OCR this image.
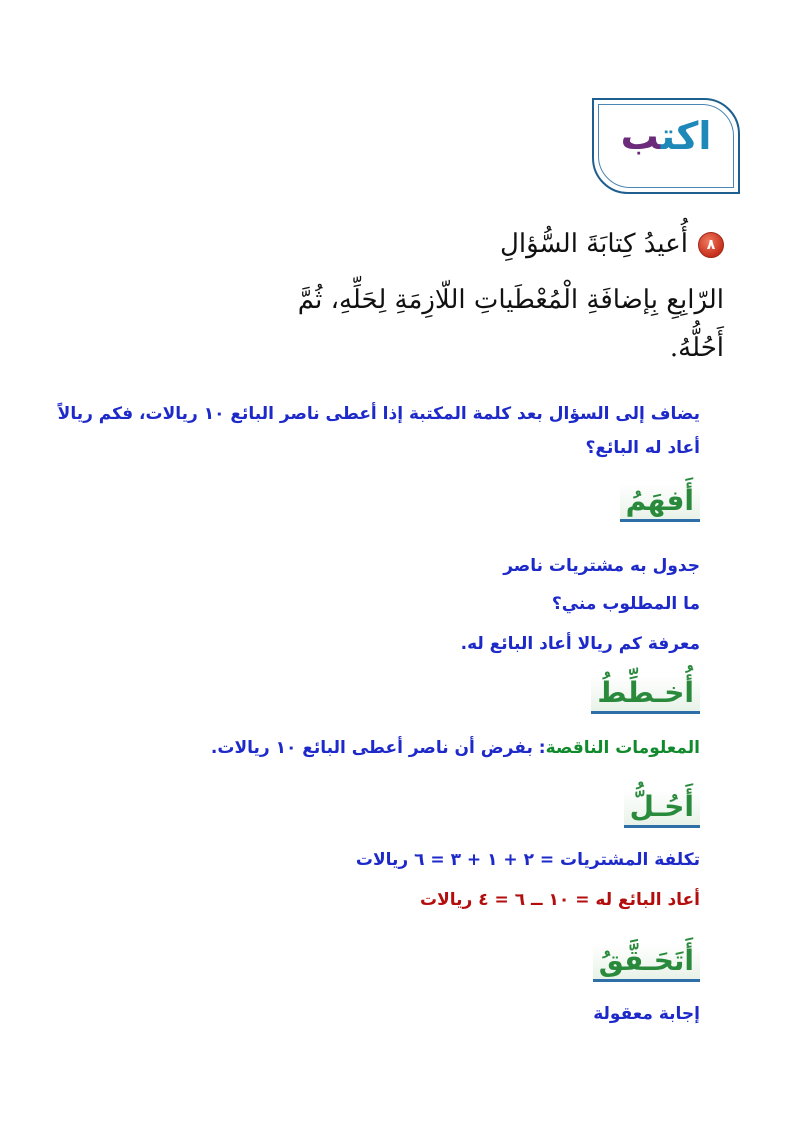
اكتب
٨
أُعيدُ كِتابَةَ السُّؤالِ
الرّابِعِ بِإضافَةِ الْمُعْطَياتِ اللّازِمَةِ لِحَلِّهِ، ثُمَّ
أَحُلُّهُ.
يضاف إلى السؤال بعد كلمة المكتبة إذا أعطى ناصر البائع ١٠ ريالات، فكم ريالاً
أعاد له البائع؟
أَفهَمُ
جدول به مشتريات ناصر
ما المطلوب مني؟
معرفة كم ريالا أعاد البائع له.
أُخـطِّطُ
المعلومات الناقصة: بفرض أن ناصر أعطى البائع ١٠ ريالات.
أَحُـلُّ
تكلفة المشتريات = ٢ + ١ + ٣ = ٦ ريالات
أعاد البائع له = ١٠ ــ ٦ = ٤ ريالات
أَتَحَـقَّقُ
إجابة معقولة
